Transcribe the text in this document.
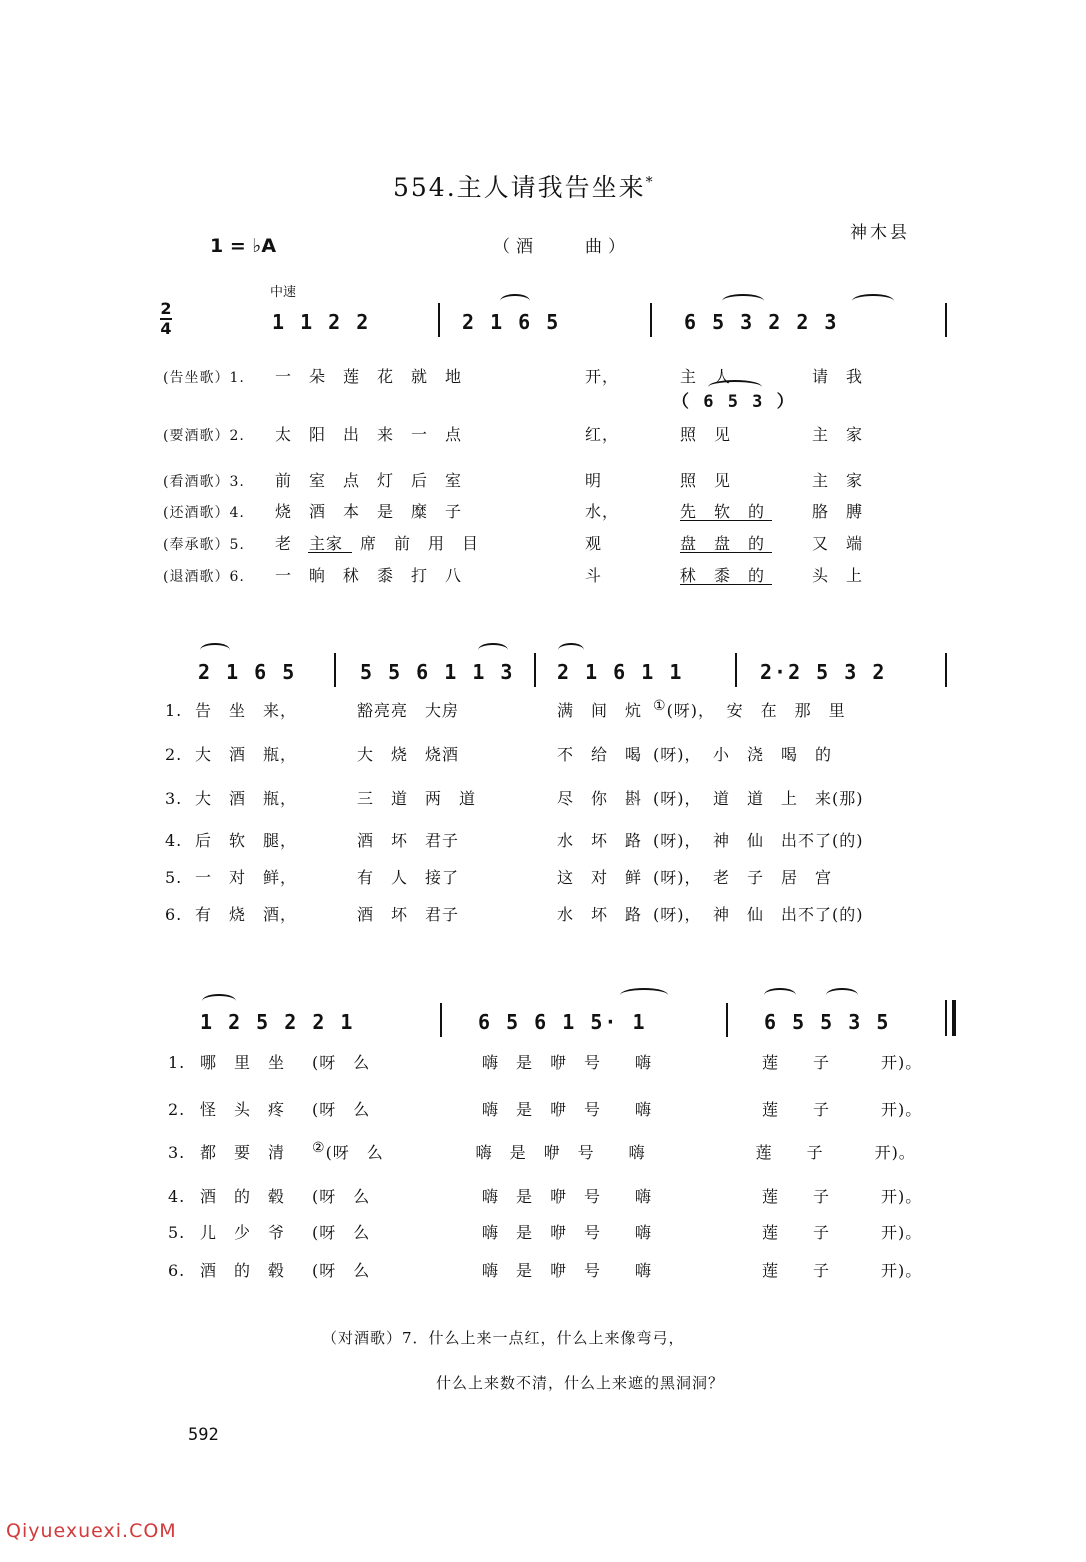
554.主人请我告坐来*
1 = ♭A	（酒　　曲）
神木县
中速
2
4	1 1 2 2	2 1 6 5	6 5 3 2 2 3
（ 6 5 3 ）
(告坐歌）1. 一　朵　莲　花　就　地	开，	主　人	请　我
(要酒歌）2. 太　阳　出　来　一　点	红，	照　见	主　家
(看酒歌）3. 前　室　点　灯　后　室	明	照　见	主　家
(还酒歌）4. 烧　酒　本　是　糜　子	水，	先　软　的	胳　膊
(奉承歌）5. 老　主家　席　前　用　目	观	盘　盘　的	又　端
(退酒歌）6. 一　晌　秫　黍　打　八	斗	秫　黍　的	头　上
2 1 6 5	5 5 6 1 1 3 2 1 6 1 1	2·2 5 3 2
1. 告　坐　来，	豁亮亮　大房	满　间　炕 ①(呀)， 安　在　那　里
2. 大　酒　瓶，	大　烧　烧酒	不　给　喝 (呀)， 小　浇　喝　的
3. 大　酒　瓶，	三　道　两　道	尽　你　斟 (呀)， 道　道　上　来(那)
4. 后　软　腿，	酒　坏　君子	水　坏　路 (呀)， 神　仙　出不了(的)
5. 一　对　鲜，	有　人　接了	这　对　鲜 (呀)， 老　子　居　宫
6. 有　烧　酒，	酒　坏　君子	水　坏　路 (呀)， 神　仙　出不了(的)
1 2 5 2 2 1	6 5 6 1 5· 1	6 5 5 3 5
1. 哪　里　坐 (呀　么	嗨　是　咿　号　　嗨	莲　　子　　　开)。
2. 怪　头　疼 (呀　么	嗨　是　咿　号　　嗨	莲　　子　　　开)。
3. 都　要　清 ②(呀　么	嗨　是　咿　号　　嗨	莲　　子　　　开)。
4. 酒　的　毂 (呀　么	嗨　是　咿　号　　嗨	莲　　子　　　开)。
5. 儿　少　爷 (呀　么	嗨　是　咿　号　　嗨	莲　　子　　　开)。
6. 酒　的　毂 (呀　么	嗨　是　咿　号　　嗨	莲　　子　　　开)。
（对酒歌）7．什么上来一点红，什么上来像弯弓，
什么上来数不清，什么上来遮的黑洞洞？
592
Qiyuexuexi.COM
